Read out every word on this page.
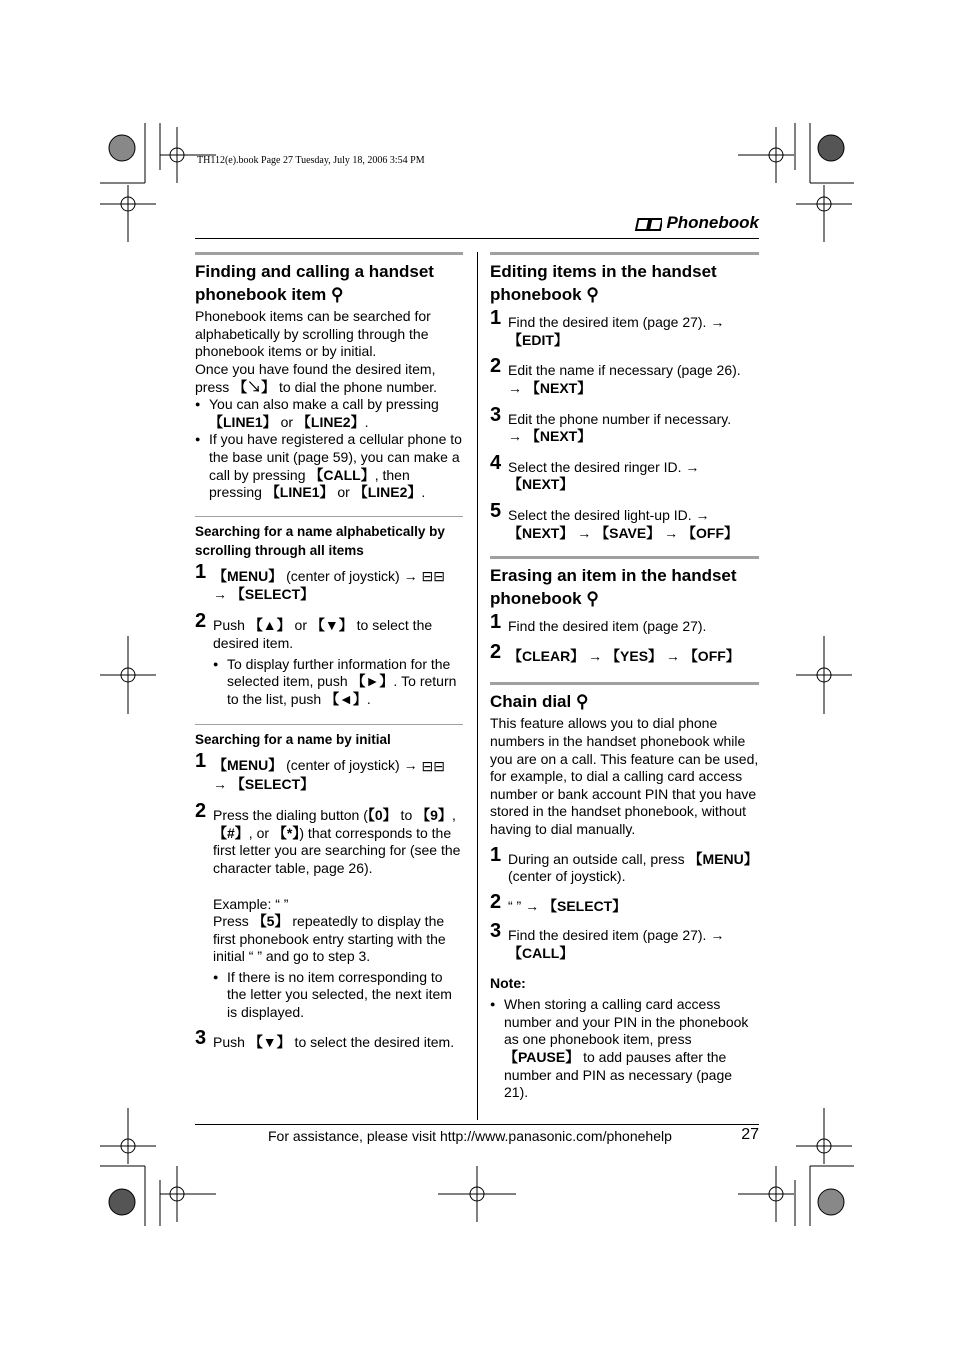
TH112(e).book Page 27 Tuesday, July 18, 2006 3:54 PM
Phonebook
Finding and calling a handset phonebook item ⚲

Phonebook items can be searched for alphabetically by scrolling through the phonebook items or by initial.

Once you have found the desired item, press 【↘】 to dial the phone number.

● You can also make a call by pressing 【LINE1】 or 【LINE2】.
● If you have registered a cellular phone to the base unit (page 59), you can make a call by pressing 【CALL】, then pressing 【LINE1】 or 【LINE2】.
Searching for a name alphabetically by scrolling through all items
1 【MENU】 (center of joystick) → ⊟⊟
→ 【SELECT】
2 Push 【▲】 or 【▼】 to select the desired item.
● To display further information for the selected item, push 【►】. To return to the list, push 【◄】.
Searching for a name by initial
1 【MENU】 (center of joystick) → ⊟⊟
→ 【SELECT】
2 Press the dialing button (【0】 to 【9】, 【#】, or 【*】) that corresponds to the first letter you are searching for (see the character table, page 26).

Example: “ ”

Press 【5】 repeatedly to display the first phonebook entry starting with the initial “ ” and go to step 3.

● If there is no item corresponding to the letter you selected, the next item is displayed.
3 Push 【▼】 to select the desired item.
Editing items in the handset phonebook ⚲
1 Find the desired item (page 27). →
【EDIT】
2 Edit the name if necessary (page 26).
→ 【NEXT】
3 Edit the phone number if necessary.
→ 【NEXT】
4 Select the desired ringer ID. →
【NEXT】
5 Select the desired light-up ID. →
【NEXT】 → 【SAVE】 → 【OFF】
Erasing an item in the handset phonebook ⚲
1 Find the desired item (page 27).
2 【CLEAR】 → 【YES】 → 【OFF】
Chain dial ⚲

This feature allows you to dial phone numbers in the handset phonebook while you are on a call. This feature can be used, for example, to dial a calling card access number or bank account PIN that you have stored in the handset phonebook, without having to dial manually.

1 During an outside call, press 【MENU】 (center of joystick).
2 “ ” → 【SELECT】
3 Find the desired item (page 27). →
【CALL】

Note:

● When storing a calling card access number and your PIN in the phonebook as one phonebook item, press 【PAUSE】 to add pauses after the number and PIN as necessary (page 21).
For assistance, please visit http://www.panasonic.com/phonehelp	27
